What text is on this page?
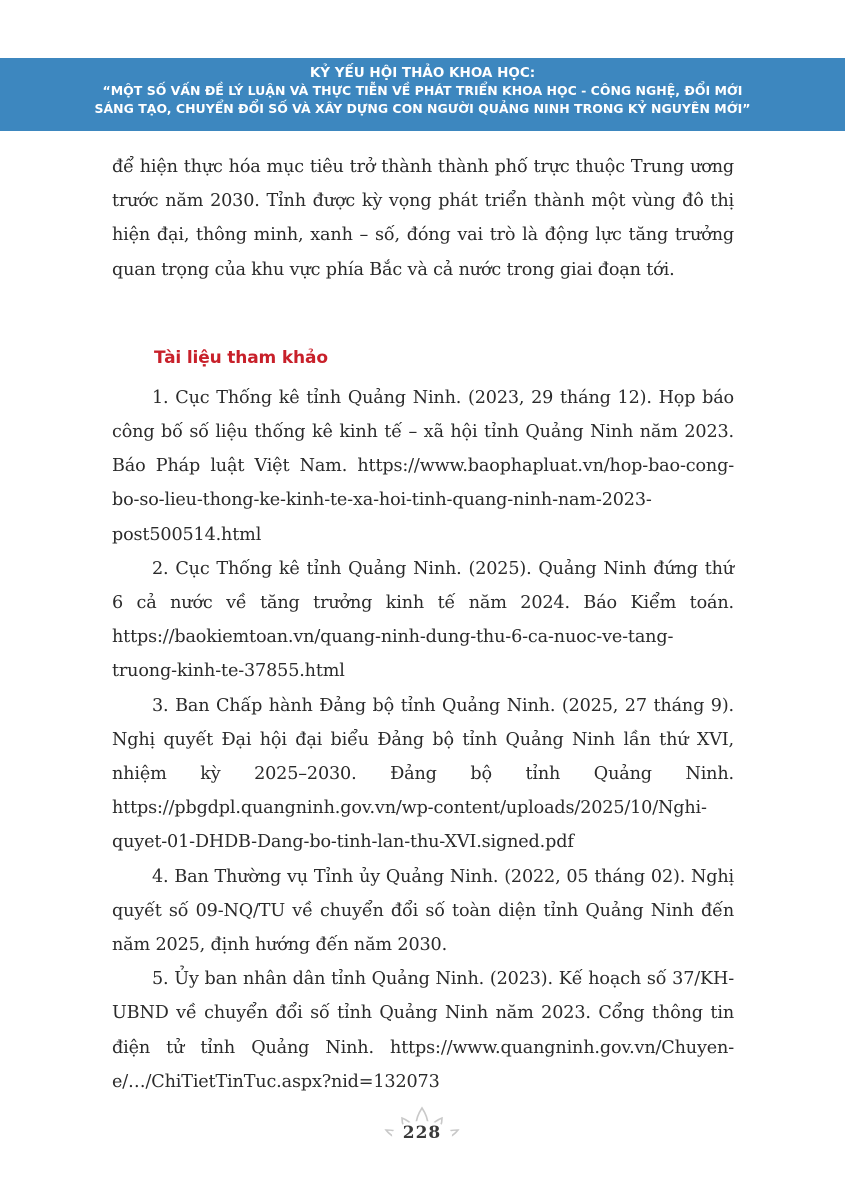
KỶ YẾU HỘI THẢO KHOA HỌC:
“MỘT SỐ VẤN ĐỀ LÝ LUẬN VÀ THỰC TIỄN VỀ PHÁT TRIỂN KHOA HỌC - CÔNG NGHỆ, ĐỔI MỚI
SÁNG TẠO, CHUYỂN ĐỔI SỐ VÀ XÂY DỰNG CON NGƯỜI QUẢNG NINH TRONG KỶ NGUYÊN MỚI”

để hiện thực hóa mục tiêu trở thành thành phố trực thuộc Trung ương trước năm 2030. Tỉnh được kỳ vọng phát triển thành một vùng đô thị hiện đại, thông minh, xanh – số, đóng vai trò là động lực tăng trưởng quan trọng của khu vực phía Bắc và cả nước trong giai đoạn tới.

Tài liệu tham khảo

1. Cục Thống kê tỉnh Quảng Ninh. (2023, 29 tháng 12). Họp báo công bố số liệu thống kê kinh tế – xã hội tỉnh Quảng Ninh năm 2023. Báo Pháp luật Việt Nam. https://www.baophapluat.vn/hop-bao-cong-bo-so-lieu-thong-ke-kinh-te-xa-hoi-tinh-quang-ninh-nam-2023-post500514.html

2. Cục Thống kê tỉnh Quảng Ninh. (2025). Quảng Ninh đứng thứ 6 cả nước về tăng trưởng kinh tế năm 2024. Báo Kiểm toán. https://baokiemtoan.vn/quang-ninh-dung-thu-6-ca-nuoc-ve-tang-truong-kinh-te-37855.html

3. Ban Chấp hành Đảng bộ tỉnh Quảng Ninh. (2025, 27 tháng 9). Nghị quyết Đại hội đại biểu Đảng bộ tỉnh Quảng Ninh lần thứ XVI, nhiệm kỳ 2025–2030. Đảng bộ tỉnh Quảng Ninh. https://pbgdpl.quangninh.gov.vn/wp-content/uploads/2025/10/Nghi-quyet-01-DHDB-Dang-bo-tinh-lan-thu-XVI.signed.pdf

4. Ban Thường vụ Tỉnh ủy Quảng Ninh. (2022, 05 tháng 02). Nghị quyết số 09-NQ/TU về chuyển đổi số toàn diện tỉnh Quảng Ninh đến năm 2025, định hướng đến năm 2030.

5. Ủy ban nhân dân tỉnh Quảng Ninh. (2023). Kế hoạch số 37/KH-UBND về chuyển đổi số tỉnh Quảng Ninh năm 2023. Cổng thông tin điện tử tỉnh Quảng Ninh. https://www.quangninh.gov.vn/Chuyen-e/…/ChiTietTinTuc.aspx?nid=132073

228
